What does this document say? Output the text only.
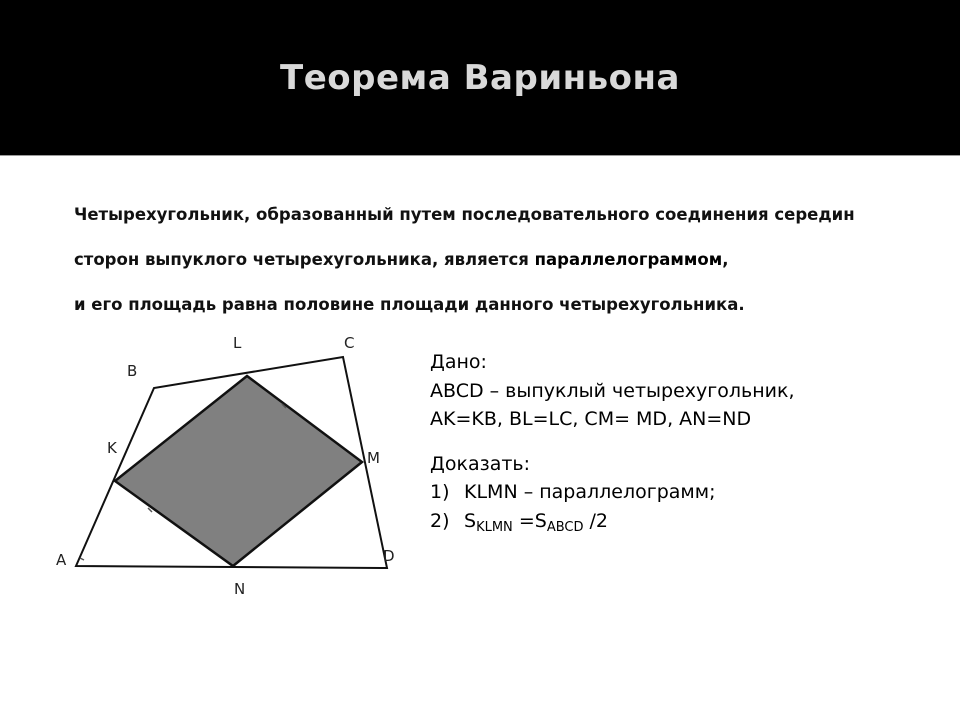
Теорема Вариньона
Четырехугольник, образованный путем последовательного соединения середин
сторон выпуклого четырехугольника, является параллелограммом,
и его площадь равна половине площади данного четырехугольника.
A
B
C
D
K
L
M
N
Дано:
ABCD – выпуклый четырехугольник,
AK=KB, BL=LC, CM= MD, AN=ND
Доказать:
1) KLMN – параллелограмм;
2) $S_{KLMN} =S_{ABCD}$ /2
